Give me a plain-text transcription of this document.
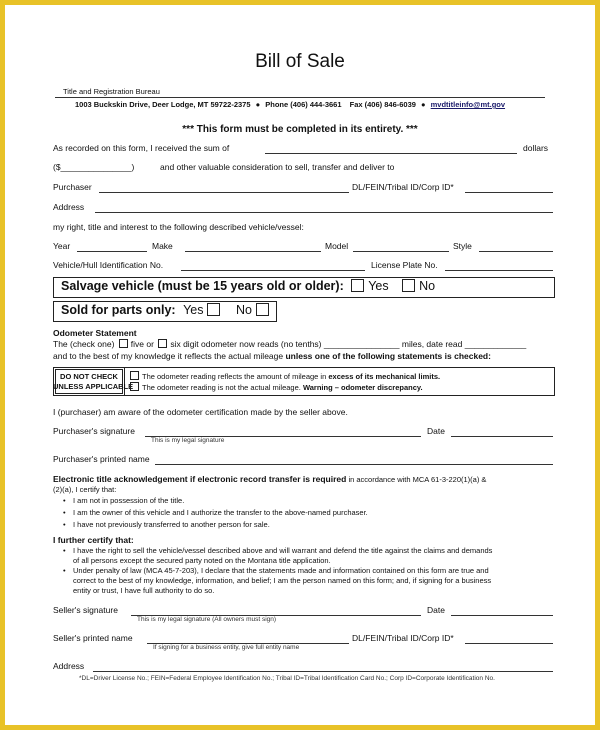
Bill of Sale
Title and Registration Bureau
1003 Buckskin Drive, Deer Lodge, MT 59722-2375 ● Phone (406) 444-3661 Fax (406) 846-6039 ● mvdtitleinfo@mt.gov
*** This form must be completed in its entirety. ***
As recorded on this form, I received the sum of	dollars
($_______________)	and other valuable consideration to sell, transfer and deliver to
Purchaser	DL/FEIN/Tribal ID/Corp ID*
Address
my right, title and interest to the following described vehicle/vessel:
Year	Make	Model	Style
Vehicle/Hull Identification No.	License Plate No.
Salvage vehicle (must be 15 years old or older): Yes No
Sold for parts only: Yes	No
Odometer Statement
The (check one) five or six digit odometer now reads (no tenths) ________________ miles, date read _____________
and to the best of my knowledge it reflects the actual mileage unless one of the following statements is checked:
DO NOT CHECK
UNLESS APPLICABLE
The odometer reading reflects the amount of mileage in excess of its mechanical limits.
The odometer reading is not the actual mileage. Warning – odometer discrepancy.
I (purchaser) am aware of the odometer certification made by the seller above.
Purchaser's signature	Date
This is my legal signature
Purchaser's printed name
Electronic title acknowledgement if electronic record transfer is required in accordance with MCA 61-3-220(1)(a) &
(2)(a), I certify that:
• I am not in possession of the title.
• I am the owner of this vehicle and I authorize the transfer to the above-named purchaser.
• I have not previously transferred to another person for sale.
I further certify that:
• I have the right to sell the vehicle/vessel described above and will warrant and defend the title against the claims and demands
of all persons except the secured party noted on the Montana title application.
• Under penalty of law (MCA 45-7-203), I declare that the statements made and information contained on this form are true and
correct to the best of my knowledge, information, and belief; I am the person named on this form; and, if signing for a business
entity or trust, I have full authority to do so.
Seller's signature	Date
This is my legal signature (All owners must sign)
Seller's printed name	DL/FEIN/Tribal ID/Corp ID*
If signing for a business entity, give full entity name
Address
*DL=Driver License No.; FEIN=Federal Employee Identification No.; Tribal ID=Tribal Identification Card No.; Corp ID=Corporate Identification No.
